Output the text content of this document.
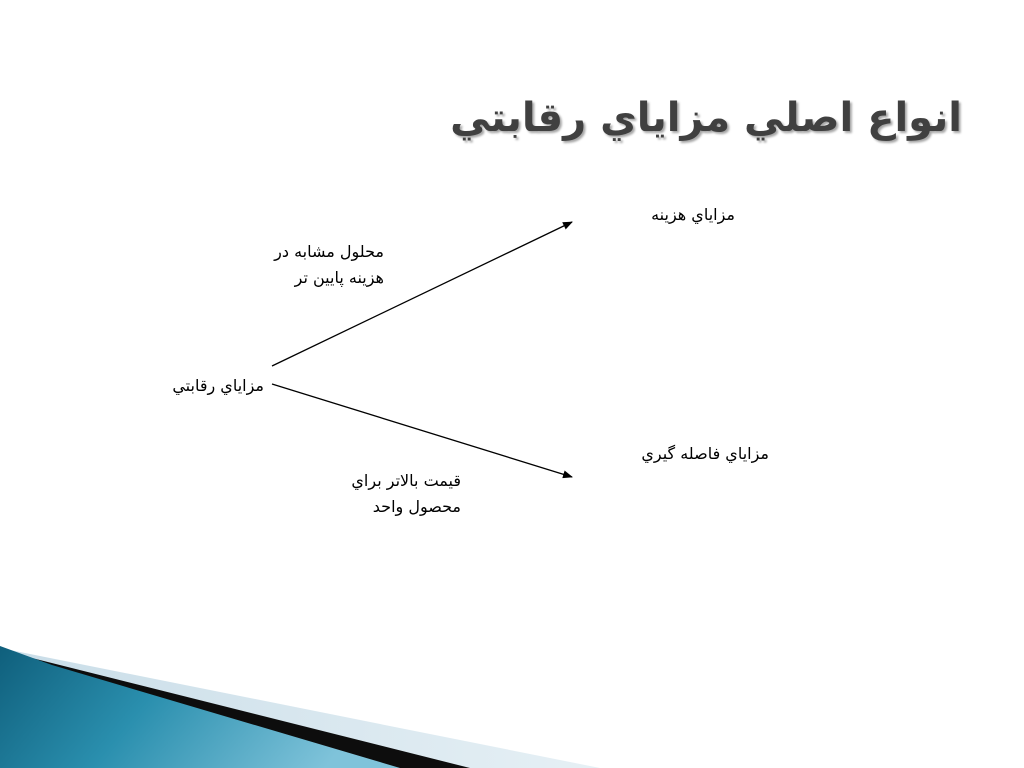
انواع اصلي مزاياي رقابتي
مزاياي هزينه
محلول مشابه در
هزينه پايين تر
مزاياي رقابتي
مزاياي فاصله گيري
قيمت بالاتر براي
محصول واحد
